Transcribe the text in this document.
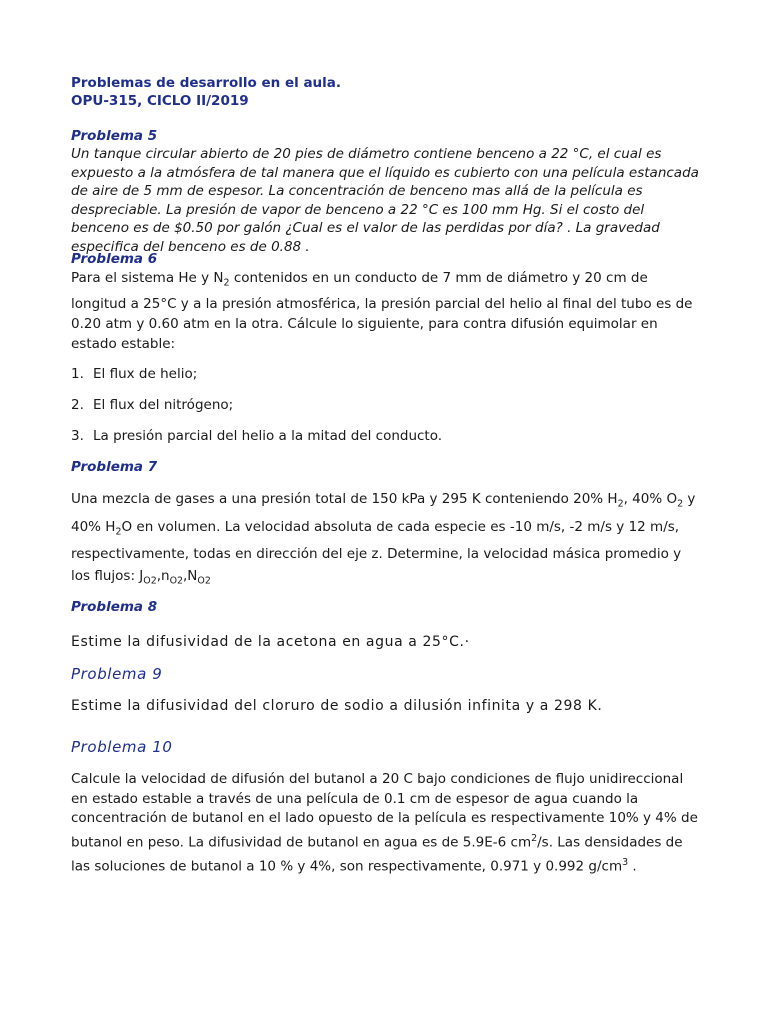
Problemas de desarrollo en el aula.
OPU-315, CICLO II/2019
Problema 5
Un tanque circular abierto de 20 pies de diámetro contiene benceno a 22 °C, el cual es expuesto a la atmósfera de tal manera que el líquido es cubierto con una película estancada de aire de 5 mm de espesor. La concentración de benceno mas allá de la película es despreciable. La presión de vapor de benceno a 22 °C es 100 mm Hg. Si el costo del benceno es de $0.50 por galón ¿Cual es el valor de las perdidas por día? . La gravedad especifica del benceno es de 0.88 .
Problema 6
Para el sistema He y $N_2$ contenidos en un conducto de 7 mm de diámetro y 20 cm de longitud a 25°C y a la presión atmosférica, la presión parcial del helio al final del tubo es de 0.20 atm y 0.60 atm en la otra. Cálcule lo siguiente, para contra difusión equimolar en estado estable:
1. El flux de helio;
2. El flux del nitrógeno;
3. La presión parcial del helio a la mitad del conducto.
Problema 7
Una mezcla de gases a una presión total de 150 kPa y 295 K conteniendo 20% $H_2$, 40% $O_2$ y 40% $H_2O$ en volumen. La velocidad absoluta de cada especie es -10 m/s, -2 m/s y 12 m/s, respectivamente, todas en dirección del eje z. Determine, la velocidad másica promedio y los flujos: $J_{O2},n_{O2},N_{O2}$
Problema 8
Estime la difusividad de la acetona en agua a 25°C.·
Problema 9
Estime la difusividad del cloruro de sodio a dilusión infinita y a 298 K.
Problema 10
Calcule la velocidad de difusión del butanol a 20 C bajo condiciones de flujo unidireccional en estado estable a través de una película de 0.1 cm de espesor de agua cuando la concentración de butanol en el lado opuesto de la película es respectivamente 10% y 4% de butanol en peso. La difusividad de butanol en agua es de 5.9E-6 $cm^2/s$. Las densidades de las soluciones de butanol a 10 % y 4%, son respectivamente, 0.971 y 0.992 $g/cm^3$ .
